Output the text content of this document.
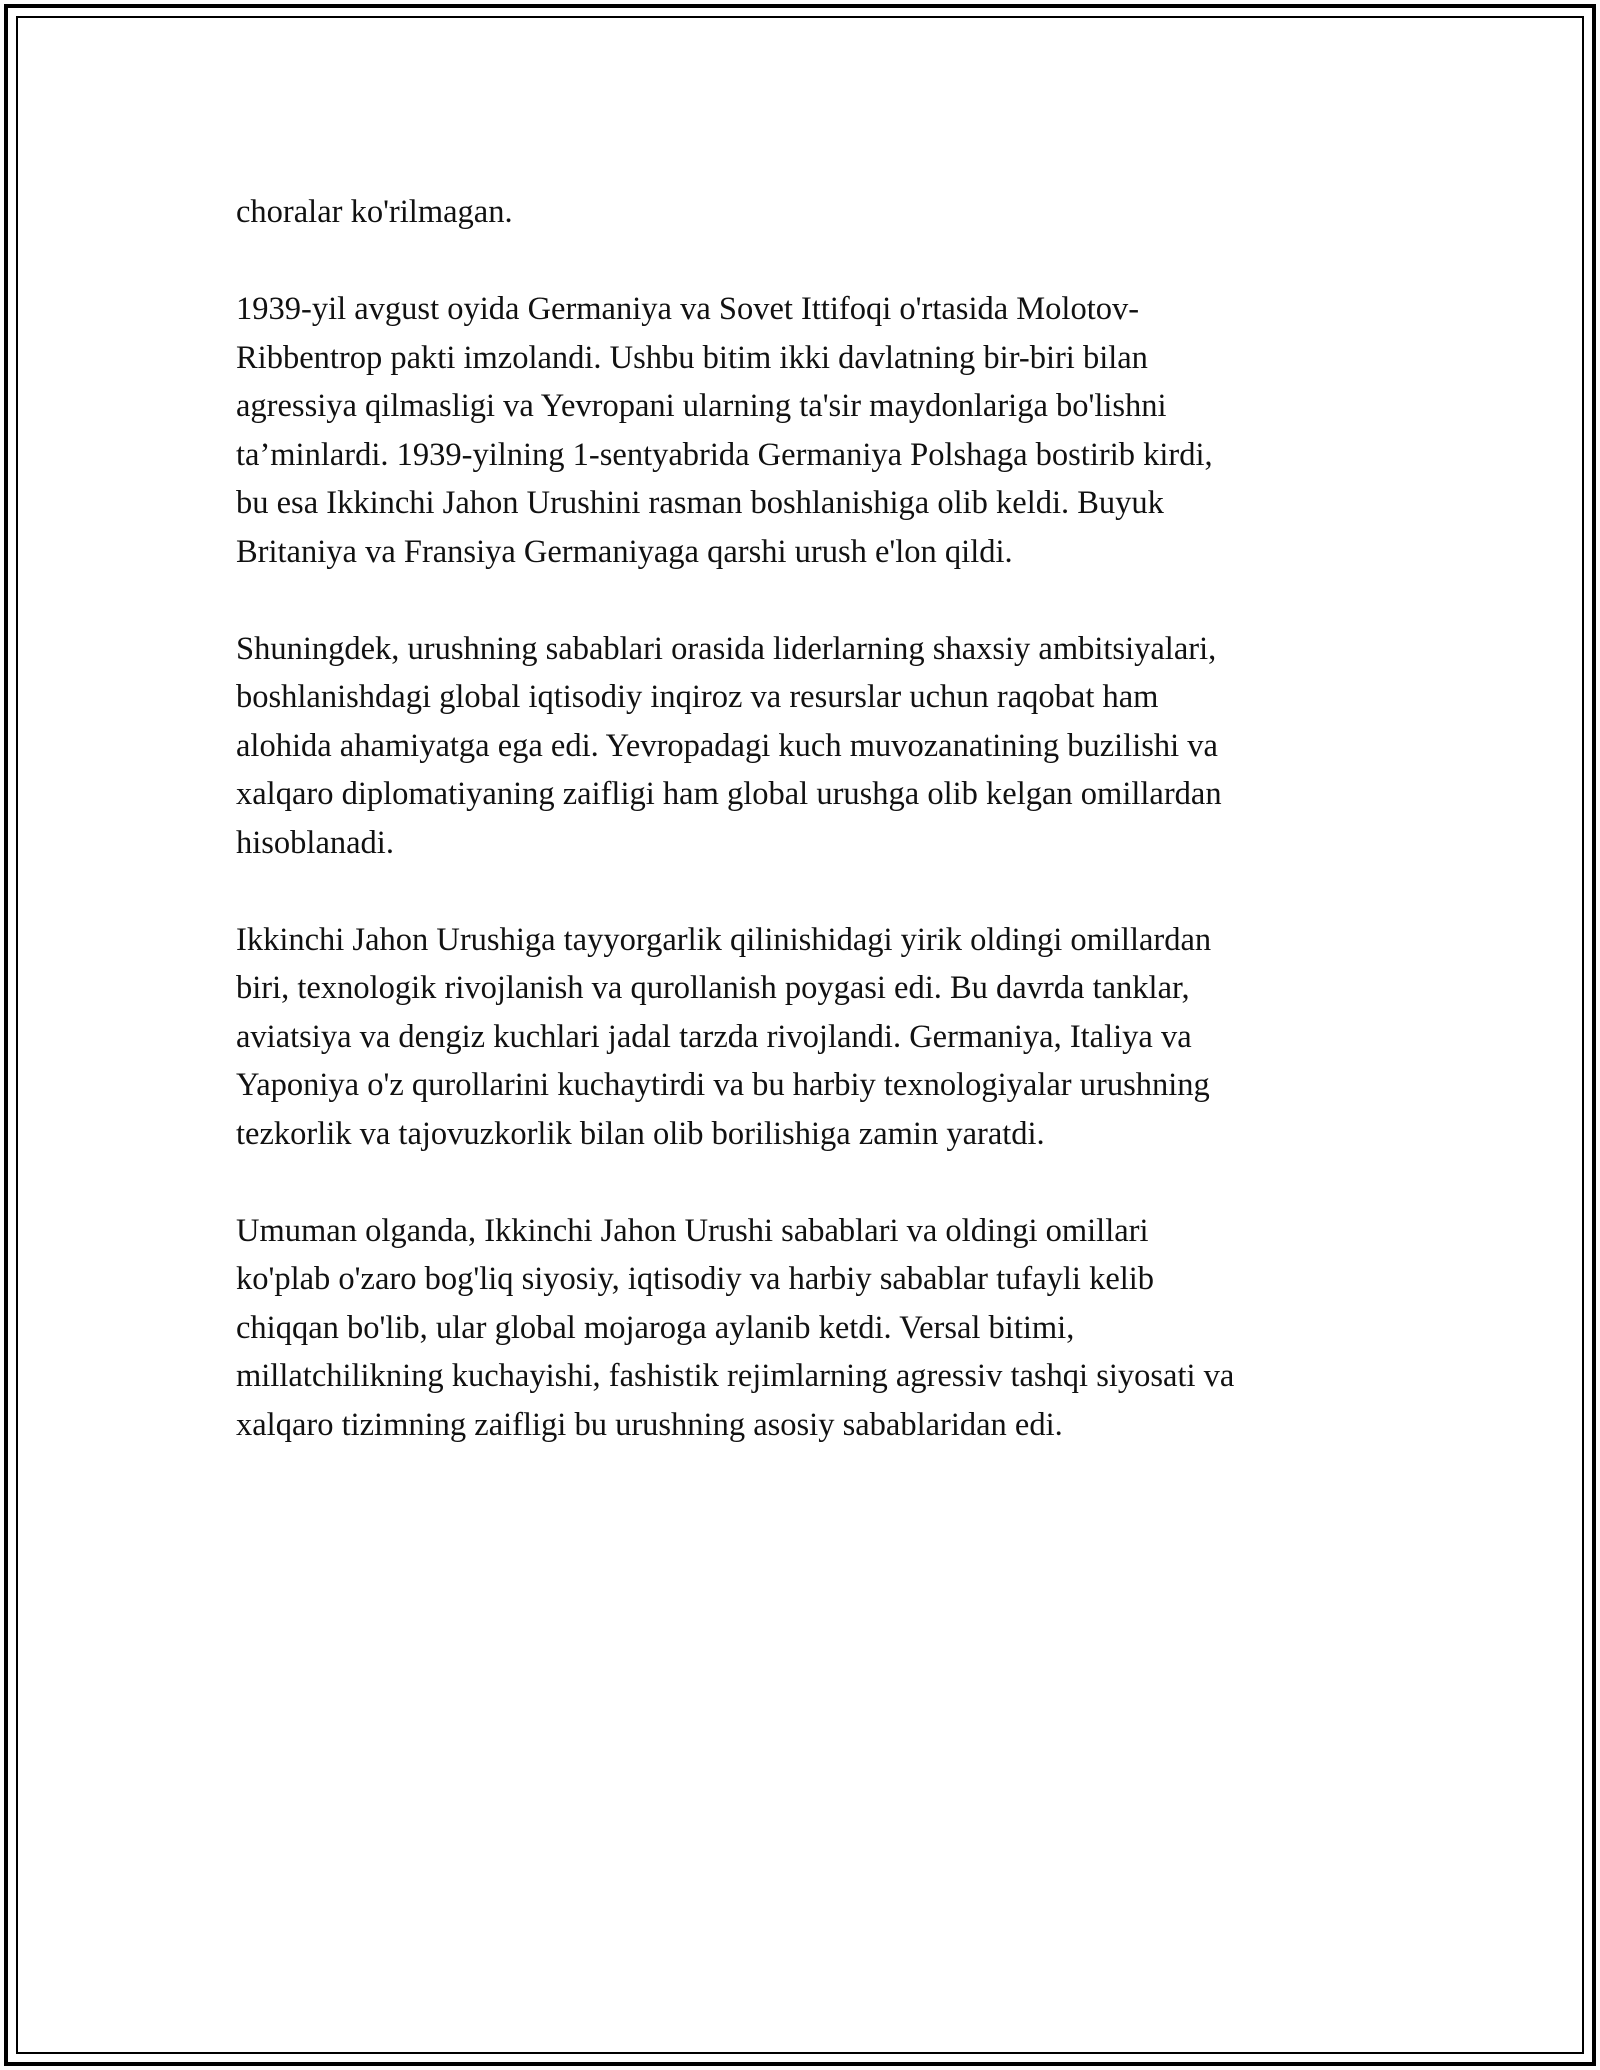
choralar ko'rilmagan.

1939-yil avgust oyida Germaniya va Sovet Ittifoqi o'rtasida Molotov-
Ribbentrop pakti imzolandi. Ushbu bitim ikki davlatning bir-biri bilan
agressiya qilmasligi va Yevropani ularning ta'sir maydonlariga bo'lishni
ta’minlardi. 1939-yilning 1-sentyabrida Germaniya Polshaga bostirib kirdi,
bu esa Ikkinchi Jahon Urushini rasman boshlanishiga olib keldi. Buyuk
Britaniya va Fransiya Germaniyaga qarshi urush e'lon qildi.

Shuningdek, urushning sabablari orasida liderlarning shaxsiy ambitsiyalari,
boshlanishdagi global iqtisodiy inqiroz va resurslar uchun raqobat ham
alohida ahamiyatga ega edi. Yevropadagi kuch muvozanatining buzilishi va
xalqaro diplomatiyaning zaifligi ham global urushga olib kelgan omillardan
hisoblanadi.

Ikkinchi Jahon Urushiga tayyorgarlik qilinishidagi yirik oldingi omillardan
biri, texnologik rivojlanish va qurollanish poygasi edi. Bu davrda tanklar,
aviatsiya va dengiz kuchlari jadal tarzda rivojlandi. Germaniya, Italiya va
Yaponiya o'z qurollarini kuchaytirdi va bu harbiy texnologiyalar urushning
tezkorlik va tajovuzkorlik bilan olib borilishiga zamin yaratdi.

Umuman olganda, Ikkinchi Jahon Urushi sabablari va oldingi omillari
ko'plab o'zaro bog'liq siyosiy, iqtisodiy va harbiy sabablar tufayli kelib
chiqqan bo'lib, ular global mojaroga aylanib ketdi. Versal bitimi,
millatchilikning kuchayishi, fashistik rejimlarning agressiv tashqi siyosati va
xalqaro tizimning zaifligi bu urushning asosiy sabablaridan edi.
